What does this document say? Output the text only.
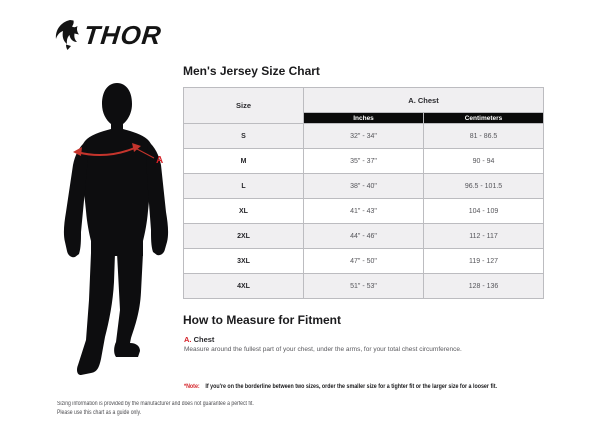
THOR
A
Men's Jersey Size Chart
Size	A. Chest	
	Inches	Centimeters
S	32" - 34"	81 - 86.5
M	35" - 37"	90 - 94
L	38" - 40"	96.5 - 101.5
XL	41" - 43"	104 - 109
2XL	44" - 46"	112 - 117
3XL	47" - 50"	119 - 127
4XL	51" - 53"	128 - 136
How to Measure for Fitment
A. Chest

Measure around the fullest part of your chest, under the arms, for your total chest circumference.

*Note: If you're on the borderline between two sizes, order the smaller size for a tighter fit or the larger size for a looser fit.
Sizing information is provided by the manufacturer and does not guarantee a perfect fit.
Please use this chart as a guide only.
